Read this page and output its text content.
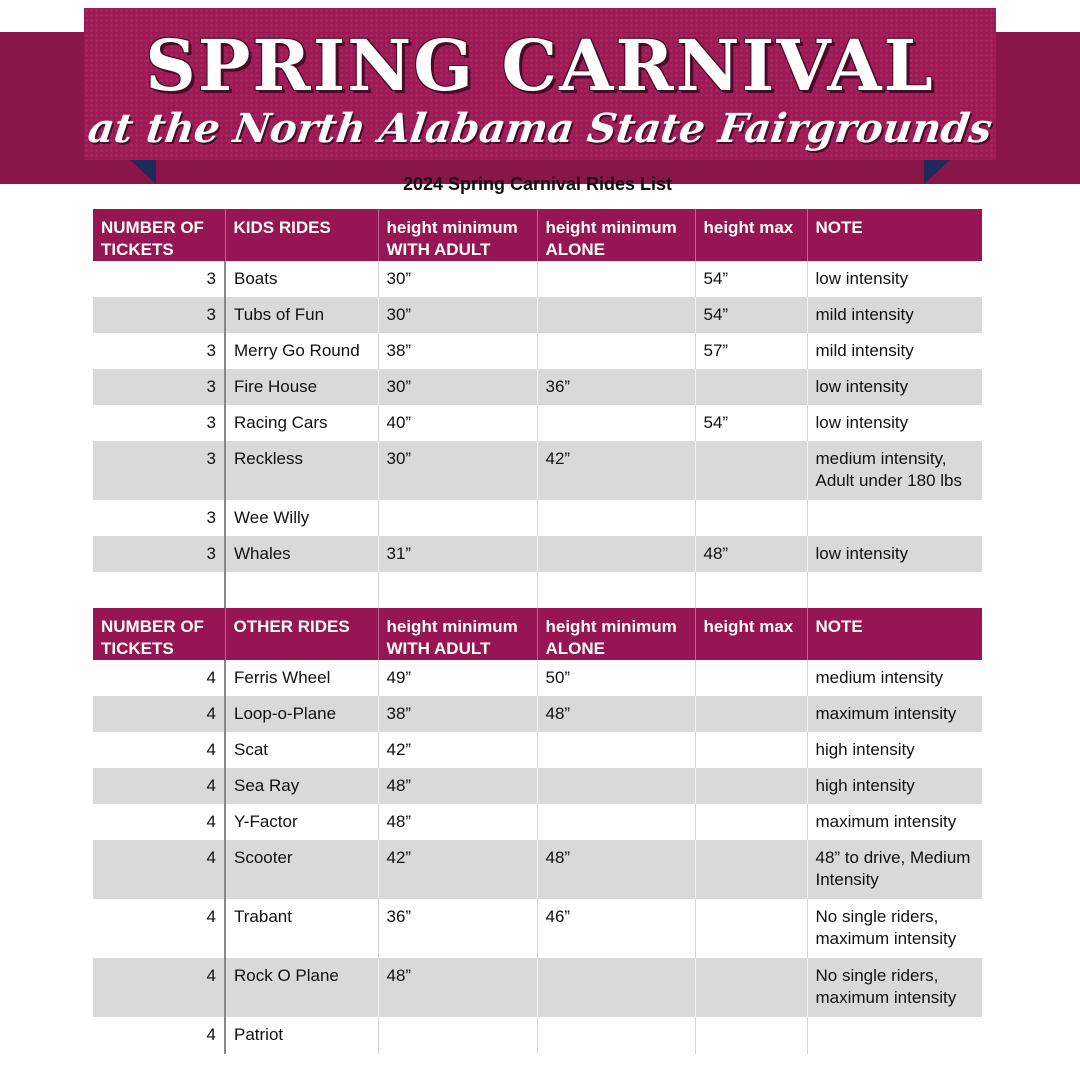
SPRING CARNIVAL
at the North Alabama State Fairgrounds
2024 Spring Carnival Rides List
NUMBER OF TICKETS	KIDS RIDES	height minimum WITH ADULT	height minimum ALONE	height max	NOTE
3	Boats	30”		54”	low intensity
3	Tubs of Fun	30”		54”	mild intensity
3	Merry Go Round	38”		57”	mild intensity
3	Fire House	30”	36”		low intensity
3	Racing Cars	40”		54”	low intensity
3	Reckless	30”	42”		medium intensity, Adult under 180 lbs
3	Wee Willy				
3	Whales	31”		48”	low intensity

NUMBER OF TICKETS	OTHER RIDES	height minimum WITH ADULT	height minimum ALONE	height max	NOTE
4	Ferris Wheel	49”	50”		medium intensity
4	Loop-o-Plane	38”	48”		maximum intensity
4	Scat	42”			high intensity
4	Sea Ray	48”			high intensity
4	Y-Factor	48”			maximum intensity
4	Scooter	42”	48”		48” to drive, Medium Intensity
4	Trabant	36”	46”		No single riders, maximum intensity
4	Rock O Plane	48”			No single riders, maximum intensity
4	Patriot				
